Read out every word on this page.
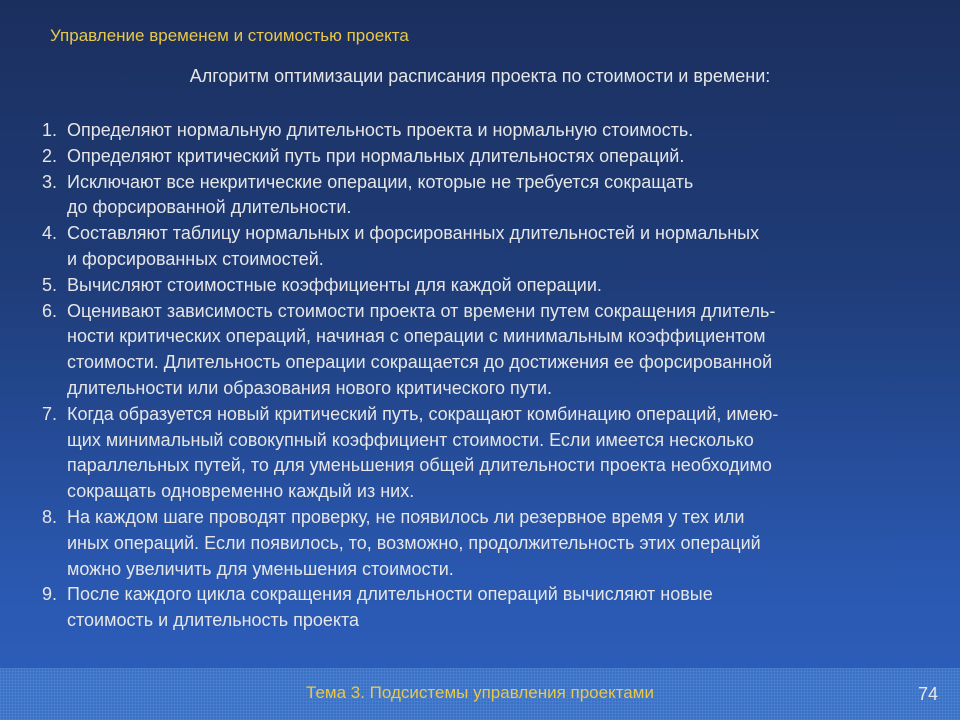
Управление временем и стоимостью проекта
Алгоритм оптимизации расписания проекта по стоимости и времени:
1. Определяют нормальную длительность проекта и нормальную стоимость.
2. Определяют критический путь при нормальных длительностях операций.
3. Исключают все некритические операции, которые не требуется сокращать
до форсированной длительности.
4. Составляют таблицу нормальных и форсированных длительностей и нормальных
и форсированных стоимостей.
5. Вычисляют стоимостные коэффициенты для каждой операции.
6. Оценивают зависимость стоимости проекта от времени путем сокращения длитель-
ности критических операций, начиная с операции с минимальным коэффициентом
стоимости. Длительность операции сокращается до достижения ее форсированной
длительности или образования нового критического пути.
7. Когда образуется новый критический путь, сокращают комбинацию операций, имею-
щих минимальный совокупный коэффициент стоимости. Если имеется несколько
параллельных путей, то для уменьшения общей длительности проекта необходимо
сокращать одновременно каждый из них.
8. На каждом шаге проводят проверку, не появилось ли резервное время у тех или
иных операций. Если появилось, то, возможно, продолжительность этих операций
можно увеличить для уменьшения стоимости.
9. После каждого цикла сокращения длительности операций вычисляют новые
стоимость и длительность проекта
Тема 3. Подсистемы управления проектами	74
